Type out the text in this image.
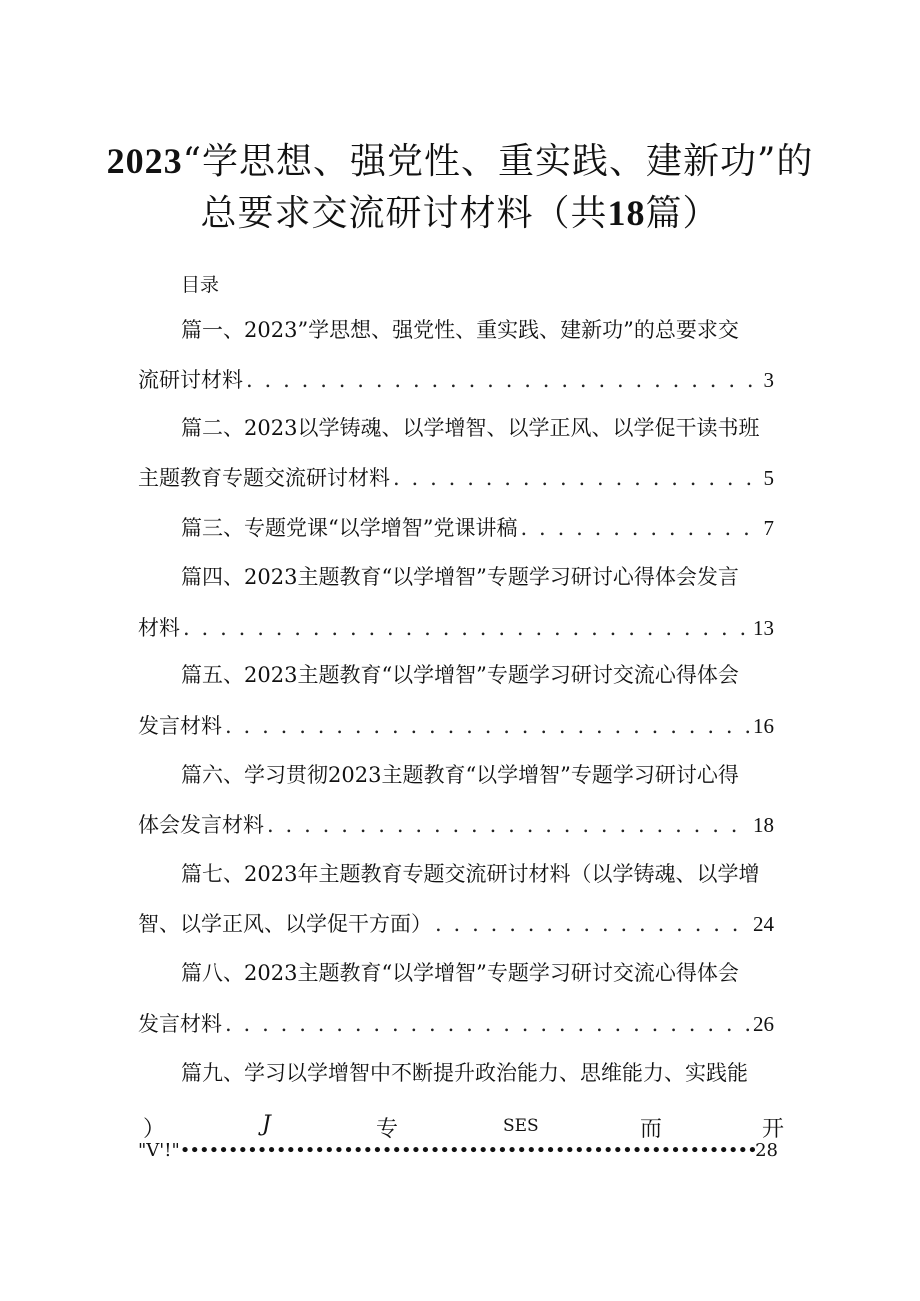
2023“学思想、强党性、重实践、建新功”的
总要求交流研讨材料（共18篇）
目录
篇一、2023”学思想、强党性、重实践、建新功”的总要求交
流研讨材料 . . .	3
篇二、2023以学铸魂、以学增智、以学正风、以学促干读书班
主题教育专题交流研讨材料 . . .	5
篇三、专题党课“以学增智”党课讲稿 . . .	7
篇四、2023主题教育“以学增智”专题学习研讨心得体会发言
材料 . . .	13
篇五、2023主题教育“以学增智”专题学习研讨交流心得体会
发言材料 . . .	16
篇六、学习贯彻2023主题教育“以学增智”专题学习研讨心得
体会发言材料 . . .	18
篇七、2023年主题教育专题交流研讨材料（以学铸魂、以学增
智、以学正风、以学促干方面） . . .	24
篇八、2023主题教育“以学增智”专题学习研讨交流心得体会
发言材料 . . .	26
篇九、学习以学增智中不断提升政治能力、思维能力、实践能
）	J	专	SES	而	开
"V'!" •••••	28
